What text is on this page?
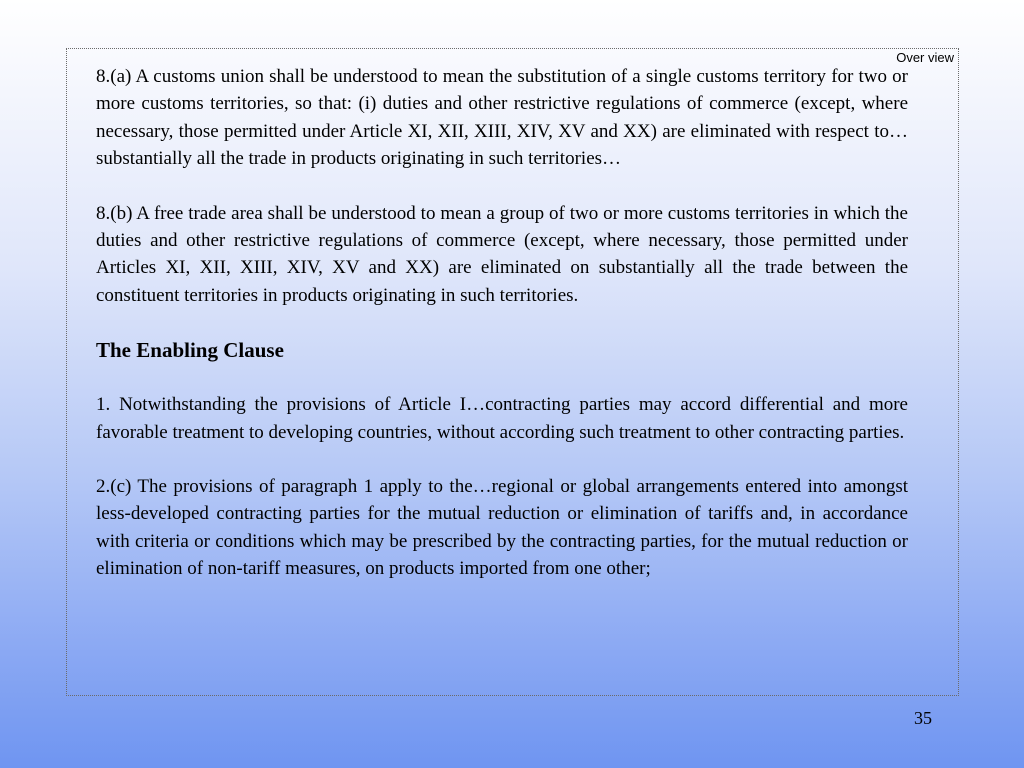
Over view

8.(a) A customs union shall be understood to mean the substitution of a single customs territory for two or more customs territories, so that: (i) duties and other restrictive regulations of commerce (except, where necessary, those permitted under Article XI, XII, XIII, XIV, XV and XX) are eliminated with respect to…substantially all the trade in products originating in such territories…

8.(b) A free trade area shall be understood to mean a group of two or more customs territories in which the duties and other restrictive regulations of commerce (except, where necessary, those permitted under Articles XI, XII, XIII, XIV, XV and XX) are eliminated on substantially all the trade between the constituent territories in products originating in such territories.

The Enabling Clause

1. Notwithstanding the provisions of Article I…contracting parties may accord differential and more favorable treatment to developing countries, without according such treatment to other contracting parties.

2.(c) The provisions of paragraph 1 apply to the…regional or global arrangements entered into amongst less-developed contracting parties for the mutual reduction or elimination of tariffs and, in accordance with criteria or conditions which may be prescribed by the contracting parties, for the mutual reduction or elimination of non-tariff measures, on products imported from one other;

35
